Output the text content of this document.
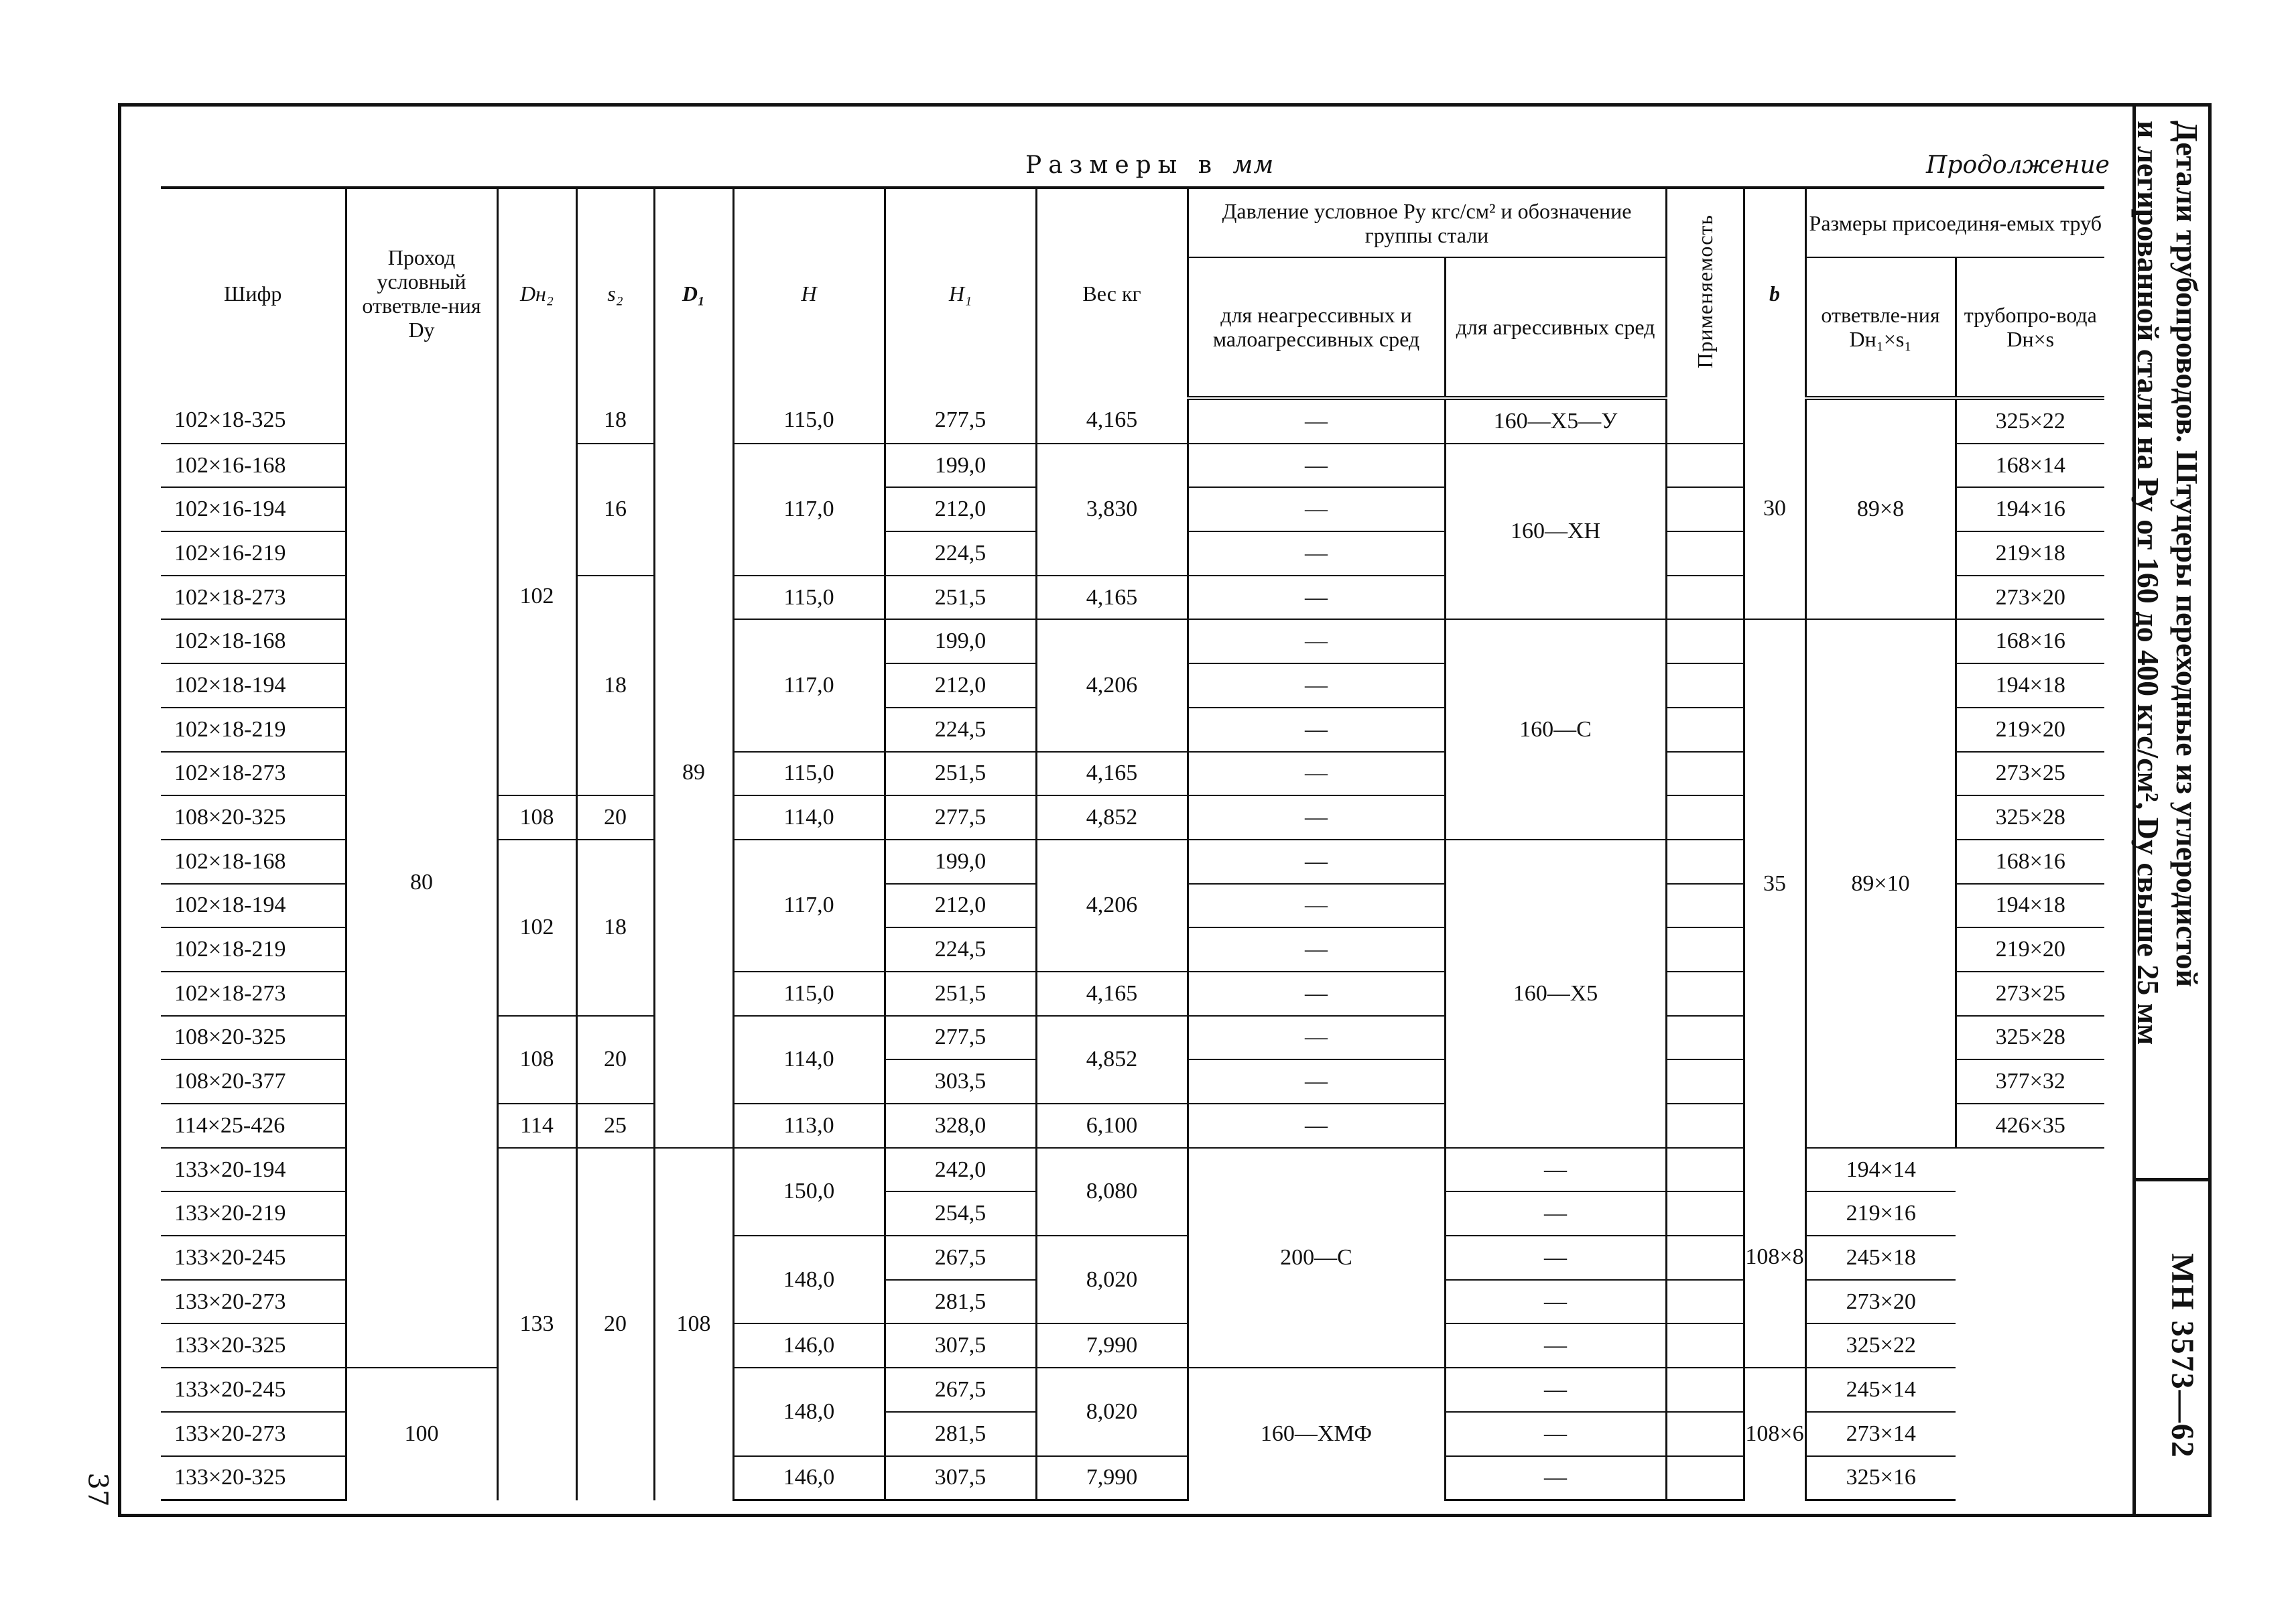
Детали трубопроводов. Штуцеры переходные из углеродистой
и легированной стали на Pу от 160 до 400 кгс/см², Dу свыше 25 мм
МН 3573—62
37
Размеры в мм	Продолжение
Шифр	Проход условный ответвле-ния Dу	Dн₂	s₂	D₁	H	H₁	Вес кг	Давление условное Pу кгс/см² и обозначение группы стали		Применяемость	b	Размеры присоединя-емых труб	
								для неагрессивных и малоагрессивных сред	для агрессивных сред			ответвле-ния Dн₁×s₁	трубопро-вода Dн×s
102×18-325	80	102	18	89	115,0	277,5	4,165	—	160—Х5—У		30	89×8	325×22
102×16-168			16		117,0	199,0	3,830	—	160—ХН				168×14
102×16-194						212,0		—					194×16
102×16-219						224,5		—					219×18
102×18-273			18		115,0	251,5	4,165	—					273×20
102×18-168					117,0	199,0	4,206	—	160—С		35	89×10	168×16
102×18-194						212,0		—					194×18
102×18-219						224,5		—					219×20
102×18-273					115,0	251,5	4,165	—					273×25
108×20-325		108	20		114,0	277,5	4,852	—					325×28
102×18-168		102	18		117,0	199,0	4,206	—	160—Х5				168×16
102×18-194						212,0		—					194×18
102×18-219						224,5		—					219×20
102×18-273					115,0	251,5	4,165	—					273×25
108×20-325		108	20		114,0	277,5	4,852	—					325×28
108×20-377						303,5		—					377×32
114×25-426		114	25		113,0	328,0	6,100	—					426×35
133×20-194		133	20	108	150,0	242,0	8,080	200—С	—		108×8	194×14	
133×20-219						254,5			—			219×16	
133×20-245					148,0	267,5	8,020		—			245×18	
133×20-273						281,5			—			273×20	
133×20-325					146,0	307,5	7,990		—			325×22	
133×20-245	100				148,0	267,5	8,020	160—ХМФ	—		108×6	245×14	
133×20-273						281,5			—			273×14	
133×20-325					146,0	307,5	7,990		—			325×16	
